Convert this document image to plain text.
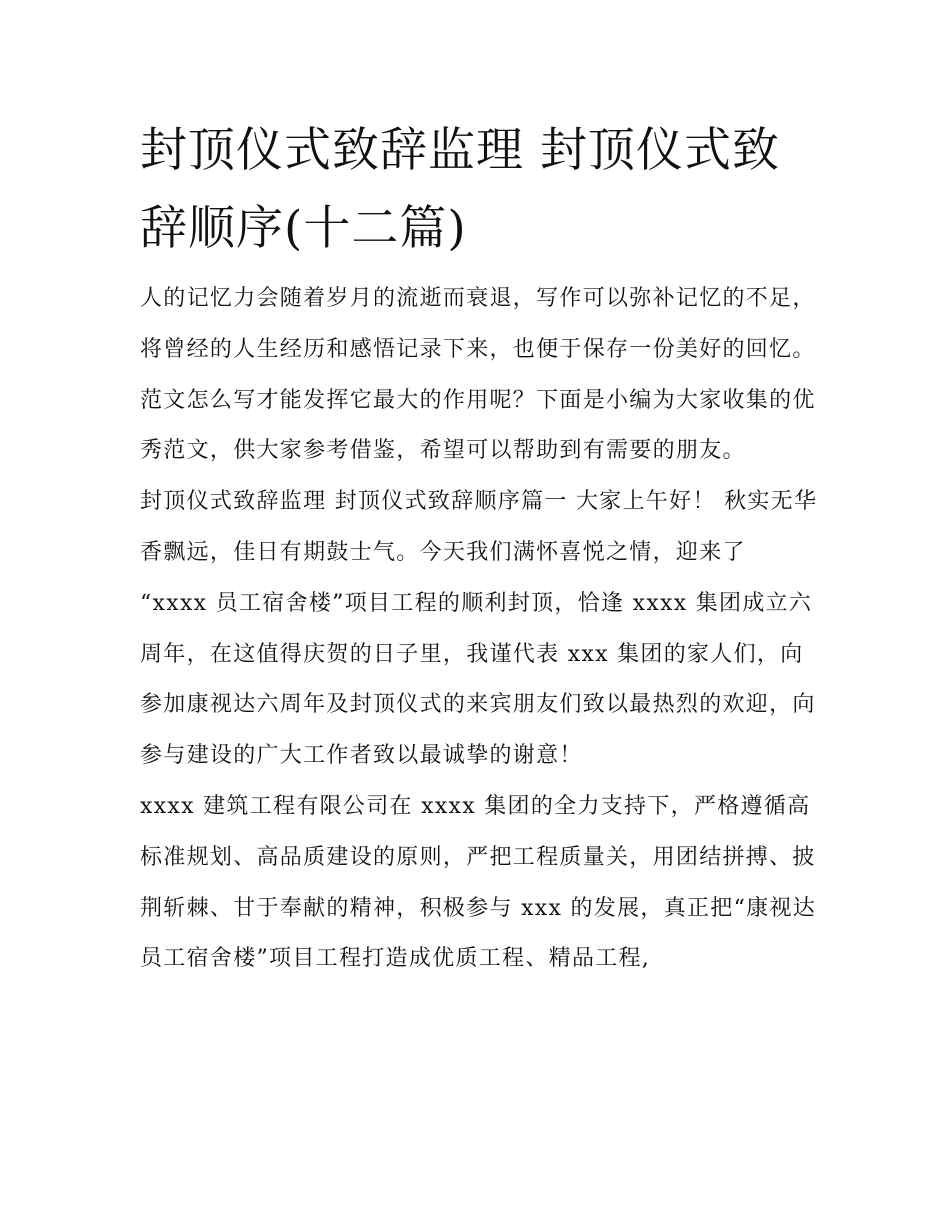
封顶仪式致辞监理 封顶仪式致辞顺序(十二篇)

人的记忆力会随着岁月的流逝而衰退，写作可以弥补记忆的不足，将曾经的人生经历和感悟记录下来，也便于保存一份美好的回忆。范文怎么写才能发挥它最大的作用呢？下面是小编为大家收集的优秀范文，供大家参考借鉴，希望可以帮助到有需要的朋友。

封顶仪式致辞监理 封顶仪式致辞顺序篇一 大家上午好！ 秋实无华香飘远，佳日有期鼓士气。今天我们满怀喜悦之情，迎来了

“xxxx 员工宿舍楼”项目工程的顺利封顶，恰逢 xxxx 集团成立六周年，在这值得庆贺的日子里，我谨代表 xxx 集团的家人们，向参加康视达六周年及封顶仪式的来宾朋友们致以最热烈的欢迎，向参与建设的广大工作者致以最诚挚的谢意！

xxxx 建筑工程有限公司在 xxxx 集团的全力支持下，严格遵循高标准规划、高品质建设的原则，严把工程质量关，用团结拼搏、披荆斩棘、甘于奉献的精神，积极参与 xxx 的发展，真正把“康视达员工宿舍楼”项目工程打造成优质工程、精品工程,
